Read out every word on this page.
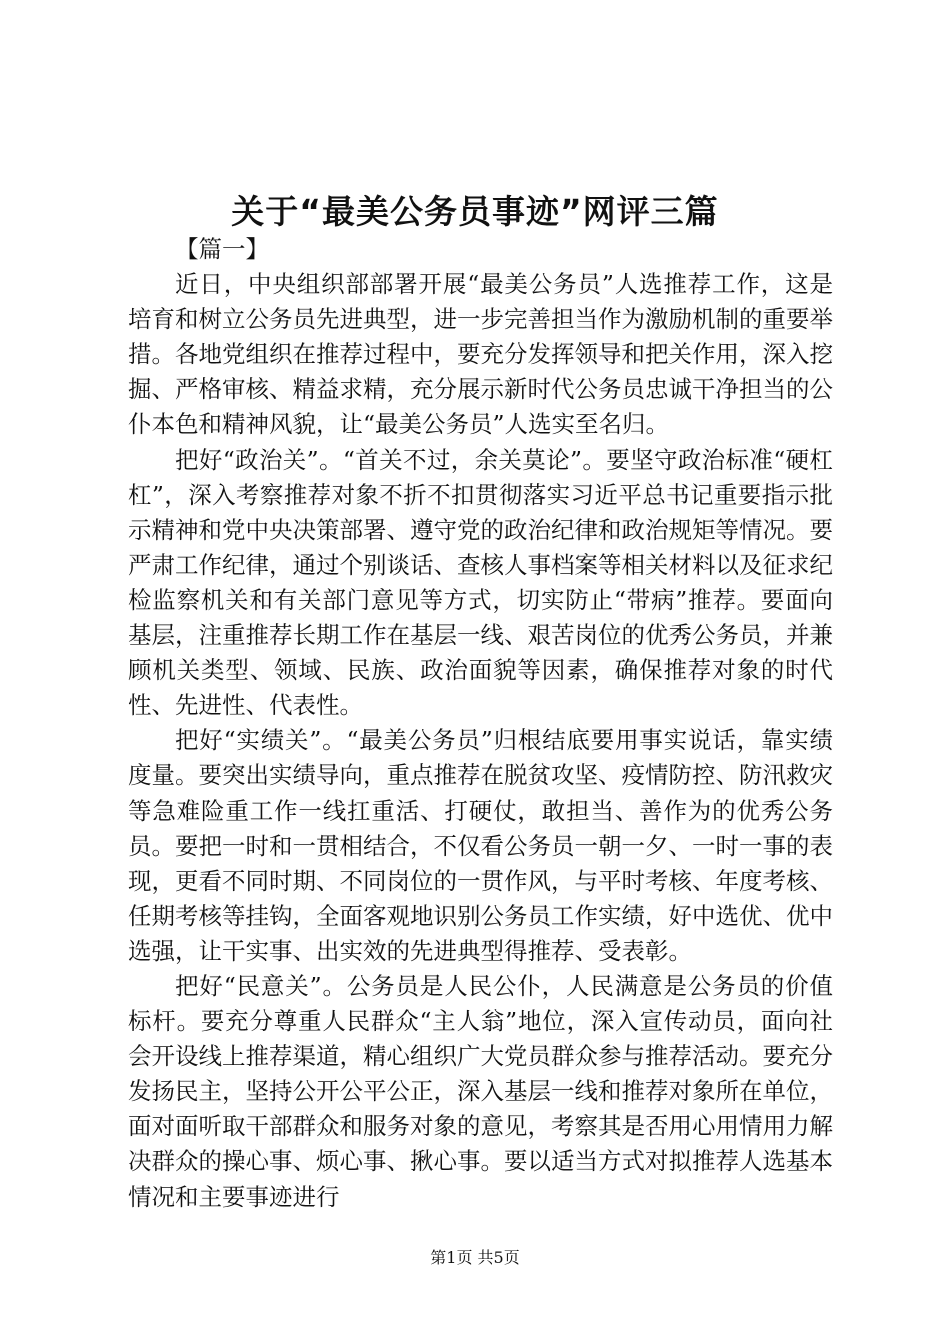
关于“最美公务员事迹”网评三篇

【篇一】

近日，中央组织部部署开展“最美公务员”人选推荐工作，这是培育和树立公务员先进典型，进一步完善担当作为激励机制的重要举措。各地党组织在推荐过程中，要充分发挥领导和把关作用，深入挖掘、严格审核、精益求精，充分展示新时代公务员忠诚干净担当的公仆本色和精神风貌，让“最美公务员”人选实至名归。

把好“政治关”。“首关不过，余关莫论”。要坚守政治标准“硬杠杠”，深入考察推荐对象不折不扣贯彻落实习近平总书记重要指示批示精神和党中央决策部署、遵守党的政治纪律和政治规矩等情况。要严肃工作纪律，通过个别谈话、查核人事档案等相关材料以及征求纪检监察机关和有关部门意见等方式，切实防止“带病”推荐。要面向基层，注重推荐长期工作在基层一线、艰苦岗位的优秀公务员，并兼顾机关类型、领域、民族、政治面貌等因素，确保推荐对象的时代性、先进性、代表性。

把好“实绩关”。“最美公务员”归根结底要用事实说话，靠实绩度量。要突出实绩导向，重点推荐在脱贫攻坚、疫情防控、防汛救灾等急难险重工作一线扛重活、打硬仗，敢担当、善作为的优秀公务员。要把一时和一贯相结合，不仅看公务员一朝一夕、一时一事的表现，更看不同时期、不同岗位的一贯作风，与平时考核、年度考核、任期考核等挂钩，全面客观地识别公务员工作实绩，好中选优、优中选强，让干实事、出实效的先进典型得推荐、受表彰。

把好“民意关”。公务员是人民公仆，人民满意是公务员的价值标杆。要充分尊重人民群众“主人翁”地位，深入宣传动员，面向社会开设线上推荐渠道，精心组织广大党员群众参与推荐活动。要充分发扬民主，坚持公开公平公正，深入基层一线和推荐对象所在单位，面对面听取干部群众和服务对象的意见，考察其是否用心用情用力解决群众的操心事、烦心事、揪心事。要以适当方式对拟推荐人选基本情况和主要事迹进行

第1页 共5页
